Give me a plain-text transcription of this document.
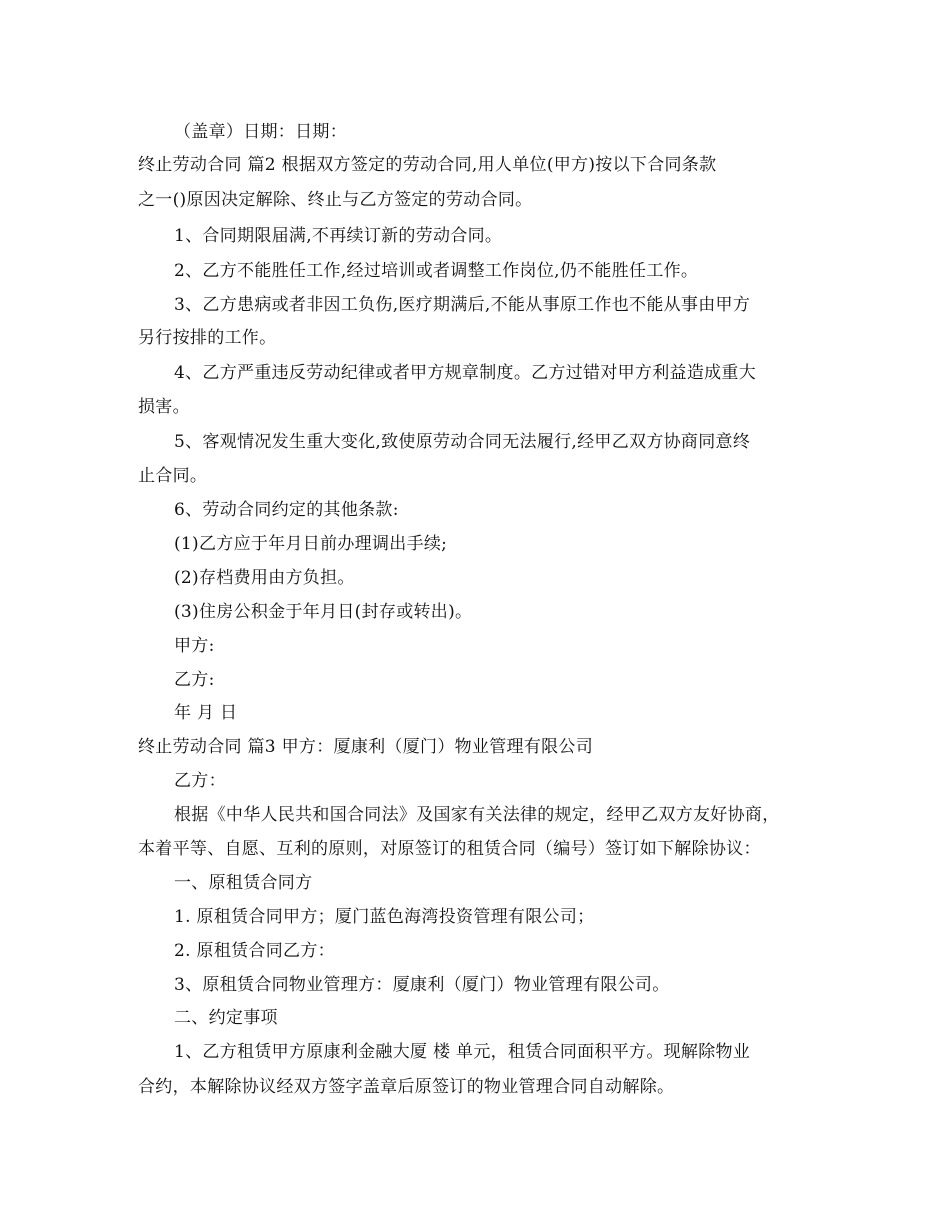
（盖章）日期：日期：
终止劳动合同 篇2 根据双方签定的劳动合同,用人单位(甲方)按以下合同条款
之一()原因决定解除、终止与乙方签定的劳动合同。
1、合同期限届满,不再续订新的劳动合同。
2、乙方不能胜任工作,经过培训或者调整工作岗位,仍不能胜任工作。
3、乙方患病或者非因工负伤,医疗期满后,不能从事原工作也不能从事由甲方
另行按排的工作。
4、乙方严重违反劳动纪律或者甲方规章制度。乙方过错对甲方利益造成重大
损害。
5、客观情况发生重大变化,致使原劳动合同无法履行,经甲乙双方协商同意终
止合同。
6、劳动合同约定的其他条款:
(1)乙方应于年月日前办理调出手续;
(2)存档费用由方负担。
(3)住房公积金于年月日(封存或转出)。
甲方:
乙方:
年 月 日
终止劳动合同 篇3 甲方：厦康利（厦门）物业管理有限公司
乙方：
根据《中华人民共和国合同法》及国家有关法律的规定，经甲乙双方友好协商，
本着平等、自愿、互利的原则，对原签订的租赁合同（编号）签订如下解除协议：
一、原租赁合同方
1. 原租赁合同甲方；厦门蓝色海湾投资管理有限公司；
2. 原租赁合同乙方：
3、原租赁合同物业管理方：厦康利（厦门）物业管理有限公司。
二、约定事项
1、乙方租赁甲方原康利金融大厦 楼 单元，租赁合同面积平方。现解除物业
合约，本解除协议经双方签字盖章后原签订的物业管理合同自动解除。
